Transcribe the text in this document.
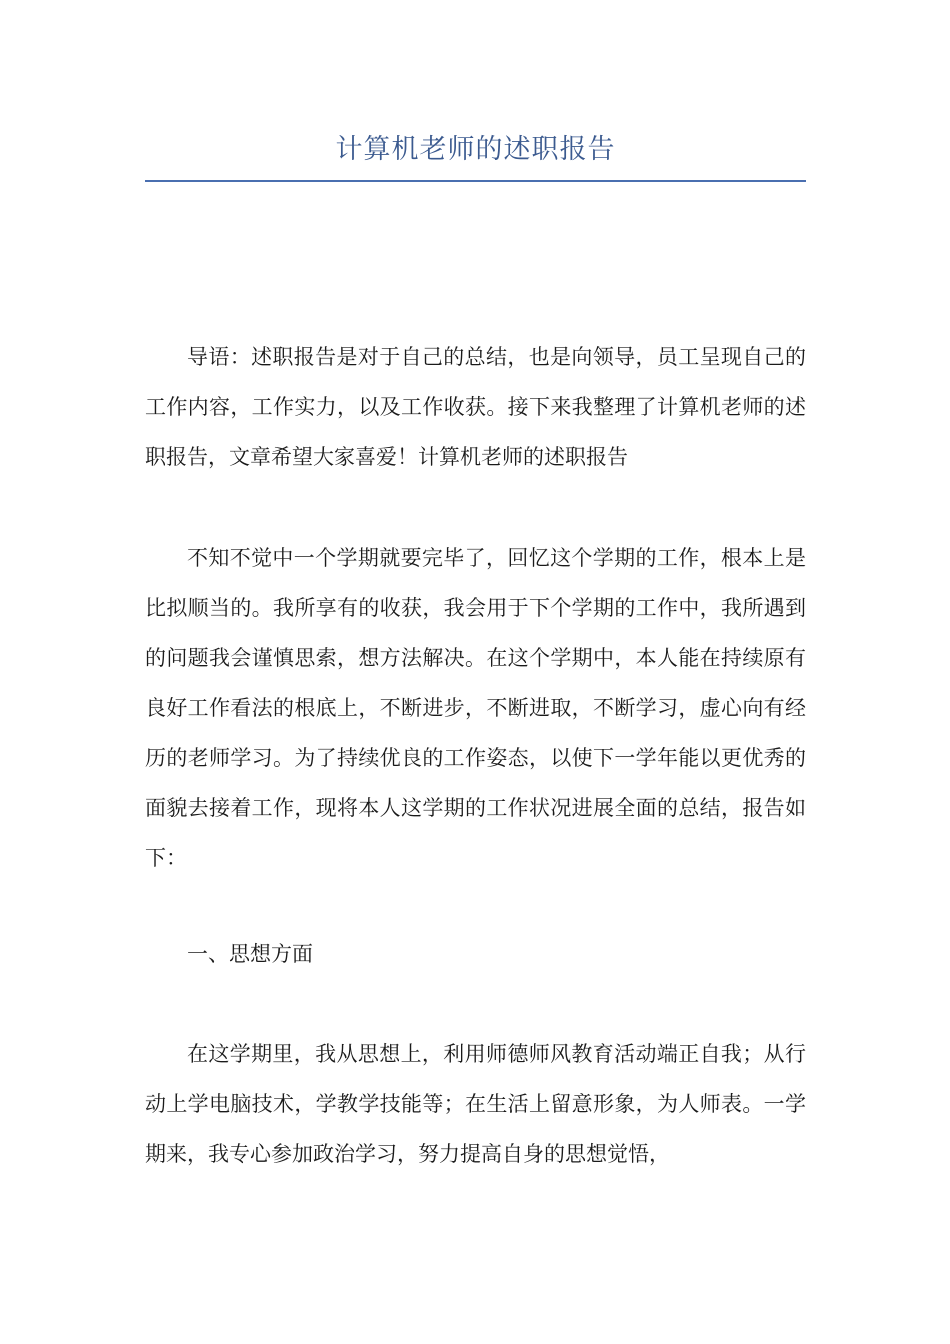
计算机老师的述职报告

导语：述职报告是对于自己的总结，也是向领导，员工呈现自己的工作内容，工作实力，以及工作收获。接下来我整理了计算机老师的述职报告，文章希望大家喜爱！计算机老师的述职报告

不知不觉中一个学期就要完毕了，回忆这个学期的工作，根本上是比拟顺当的。我所享有的收获，我会用于下个学期的工作中，我所遇到的问题我会谨慎思索，想方法解决。在这个学期中，本人能在持续原有良好工作看法的根底上，不断进步，不断进取，不断学习，虚心向有经历的老师学习。为了持续优良的工作姿态，以使下一学年能以更优秀的面貌去接着工作，现将本人这学期的工作状况进展全面的总结，报告如下：

一、思想方面

在这学期里，我从思想上，利用师德师风教育活动端正自我；从行动上学电脑技术，学教学技能等；在生活上留意形象，为人师表。一学期来，我专心参加政治学习，努力提高自身的思想觉悟，
